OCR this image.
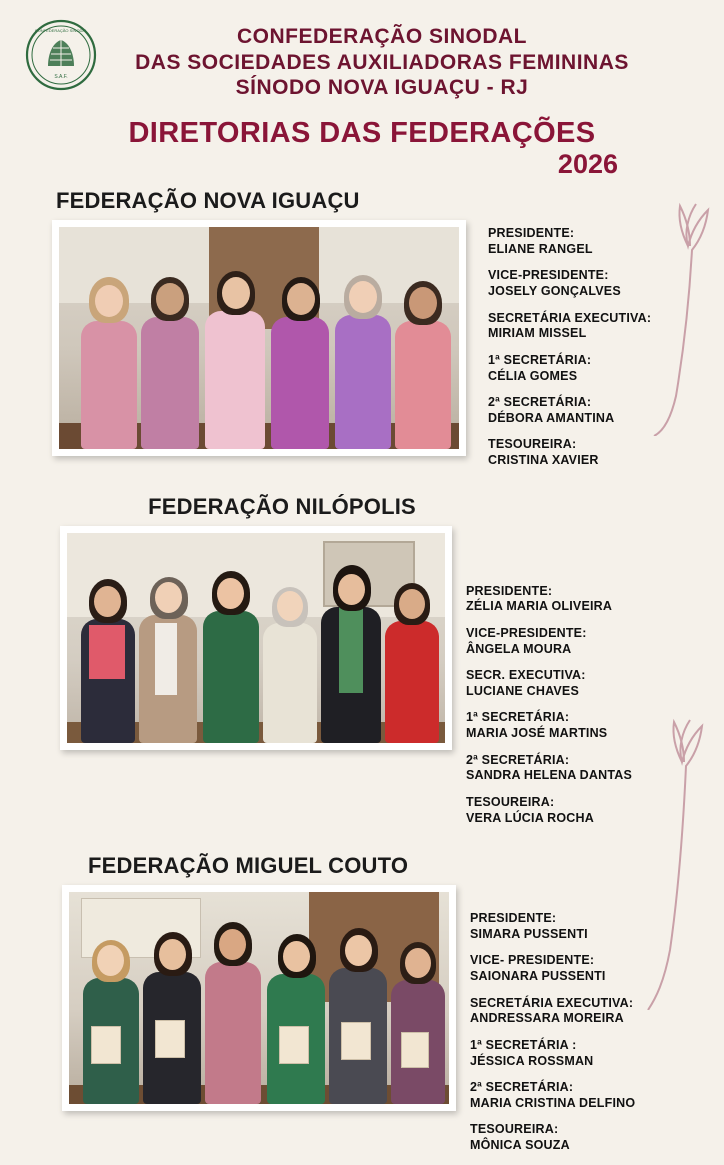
S.A.F.
CONFEDERAÇÃO SINODAL	CONFEDERAÇÃO SINODAL
DAS SOCIEDADES AUXILIADORAS FEMININAS
SÍNODO NOVA IGUAÇU - RJ
DIRETORIAS DAS FEDERAÇÕES
2026
FEDERAÇÃO NOVA IGUAÇU
PRESIDENTE:
ELIANE RANGEL
VICE-PRESIDENTE:
JOSELY GONÇALVES
SECRETÁRIA EXECUTIVA:
MIRIAM MISSEL
1ª SECRETÁRIA:
CÉLIA GOMES
2ª SECRETÁRIA:
DÉBORA AMANTINA
TESOUREIRA:
CRISTINA XAVIER
FEDERAÇÃO NILÓPOLIS
PRESIDENTE:
ZÉLIA MARIA OLIVEIRA
VICE-PRESIDENTE:
ÂNGELA MOURA
SECR. EXECUTIVA:
LUCIANE CHAVES
1ª SECRETÁRIA:
MARIA JOSÉ MARTINS
2ª SECRETÁRIA:
SANDRA HELENA DANTAS
TESOUREIRA:
VERA LÚCIA ROCHA
FEDERAÇÃO MIGUEL COUTO
PRESIDENTE:
SIMARA PUSSENTI
VICE- PRESIDENTE:
SAIONARA PUSSENTI
SECRETÁRIA EXECUTIVA:
ANDRESSARA MOREIRA
1ª SECRETÁRIA :
JÉSSICA ROSSMAN
2ª SECRETÁRIA:
MARIA CRISTINA DELFINO
TESOUREIRA:
MÔNICA SOUZA
